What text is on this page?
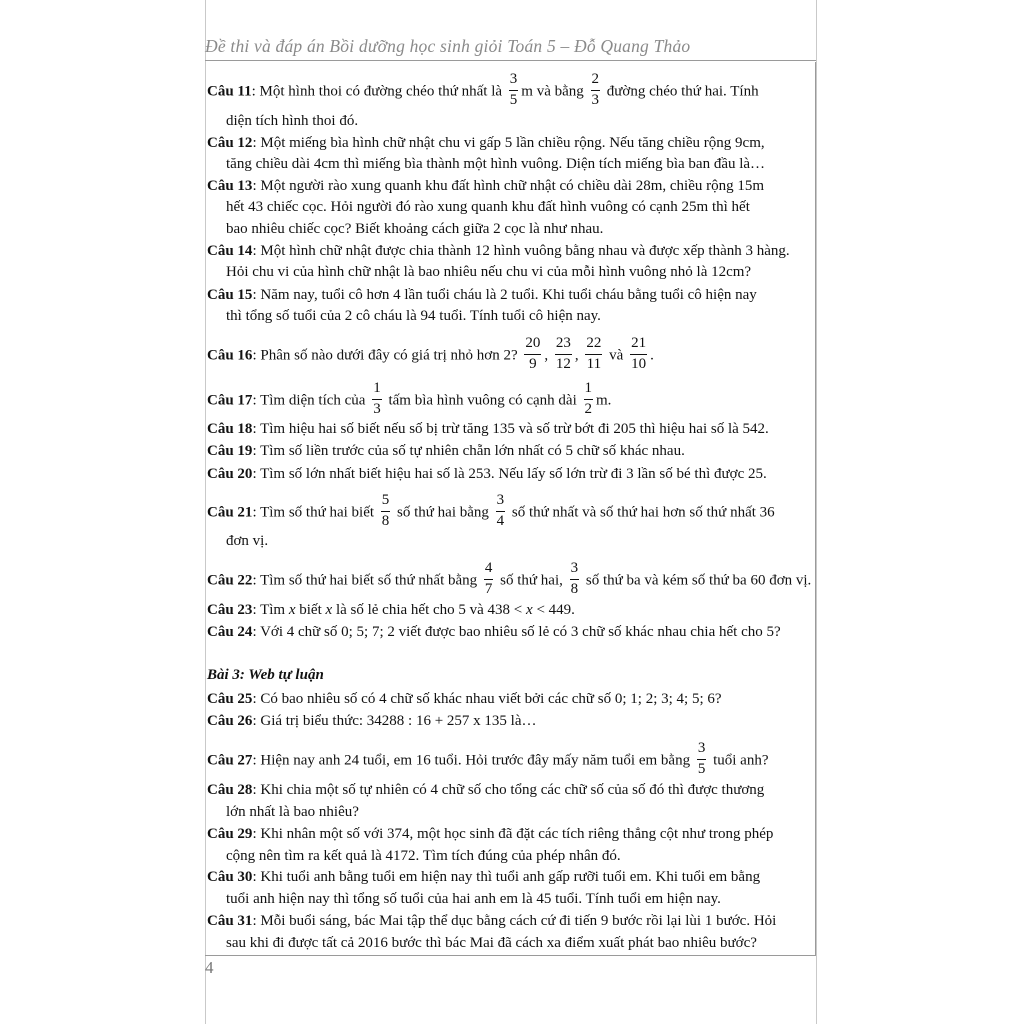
Đề thi và đáp án Bồi dưỡng học sinh giỏi Toán 5 – Đỗ Quang Thảo
Câu 11: Một hình thoi có đường chéo thứ nhất là $\frac{3}{5}$ m và bằng $\frac{2}{3}$ đường chéo thứ hai. Tính
diện tích hình thoi đó.
Câu 12: Một miếng bìa hình chữ nhật chu vi gấp 5 lần chiều rộng. Nếu tăng chiều rộng 9cm,
tăng chiều dài 4cm thì miếng bìa thành một hình vuông. Diện tích miếng bìa ban đầu là…
Câu 13: Một người rào xung quanh khu đất hình chữ nhật có chiều dài 28m, chiều rộng 15m
hết 43 chiếc cọc. Hỏi người đó rào xung quanh khu đất hình vuông có cạnh 25m thì hết
bao nhiêu chiếc cọc? Biết khoảng cách giữa 2 cọc là như nhau.
Câu 14: Một hình chữ nhật được chia thành 12 hình vuông bằng nhau và được xếp thành 3 hàng.
Hỏi chu vi của hình chữ nhật là bao nhiêu nếu chu vi của mỗi hình vuông nhỏ là 12cm?
Câu 15: Năm nay, tuổi cô hơn 4 lần tuổi cháu là 2 tuổi. Khi tuổi cháu bằng tuổi cô hiện nay
thì tổng số tuổi của 2 cô cháu là 94 tuổi. Tính tuổi cô hiện nay.
Câu 16: Phân số nào dưới đây có giá trị nhỏ hơn 2? $\frac{20}{9}$ , $\frac{23}{12}$ , $\frac{22}{11}$ và $\frac{21}{10}$ .
Câu 17: Tìm diện tích của $\frac{1}{3}$ tấm bìa hình vuông có cạnh dài $\frac{1}{2} m$.
Câu 18: Tìm hiệu hai số biết nếu số bị trừ tăng 135 và số trừ bớt đi 205 thì hiệu hai số là 542.
Câu 19: Tìm số liền trước của số tự nhiên chẵn lớn nhất có 5 chữ số khác nhau.
Câu 20: Tìm số lớn nhất biết hiệu hai số là 253. Nếu lấy số lớn trừ đi 3 lần số bé thì được 25.
Câu 21: Tìm số thứ hai biết $\frac{5}{8}$ số thứ hai bằng $\frac{3}{4}$ số thứ nhất và số thứ hai hơn số thứ nhất 36
đơn vị.
Câu 22: Tìm số thứ hai biết số thứ nhất bằng $\frac{4}{7}$ số thứ hai, $\frac{3}{8}$ số thứ ba và kém số thứ ba 60 đơn vị.
Câu 23: Tìm x biết x là số lẻ chia hết cho 5 và 438 < x < 449.
Câu 24: Với 4 chữ số 0; 5; 7; 2 viết được bao nhiêu số lẻ có 3 chữ số khác nhau chia hết cho 5?
Bài 3: Web tự luận
Câu 25: Có bao nhiêu số có 4 chữ số khác nhau viết bởi các chữ số 0; 1; 2; 3; 4; 5; 6?
Câu 26: Giá trị biểu thức: 34288 : 16 + 257 x 135 là…
Câu 27: Hiện nay anh 24 tuổi, em 16 tuổi. Hỏi trước đây mấy năm tuổi em bằng $\frac{3}{5}$ tuổi anh?
Câu 28: Khi chia một số tự nhiên có 4 chữ số cho tổng các chữ số của số đó thì được thương
lớn nhất là bao nhiêu?
Câu 29: Khi nhân một số với 374, một học sinh đã đặt các tích riêng thẳng cột như trong phép
cộng nên tìm ra kết quả là 4172. Tìm tích đúng của phép nhân đó.
Câu 30: Khi tuổi anh bằng tuổi em hiện nay thì tuổi anh gấp rưỡi tuổi em. Khi tuổi em bằng
tuổi anh hiện nay thì tổng số tuổi của hai anh em là 45 tuổi. Tính tuổi em hiện nay.
Câu 31: Mỗi buổi sáng, bác Mai tập thể dục bằng cách cứ đi tiến 9 bước rồi lại lùi 1 bước. Hỏi
sau khi đi được tất cả 2016 bước thì bác Mai đã cách xa điểm xuất phát bao nhiêu bước?
4
